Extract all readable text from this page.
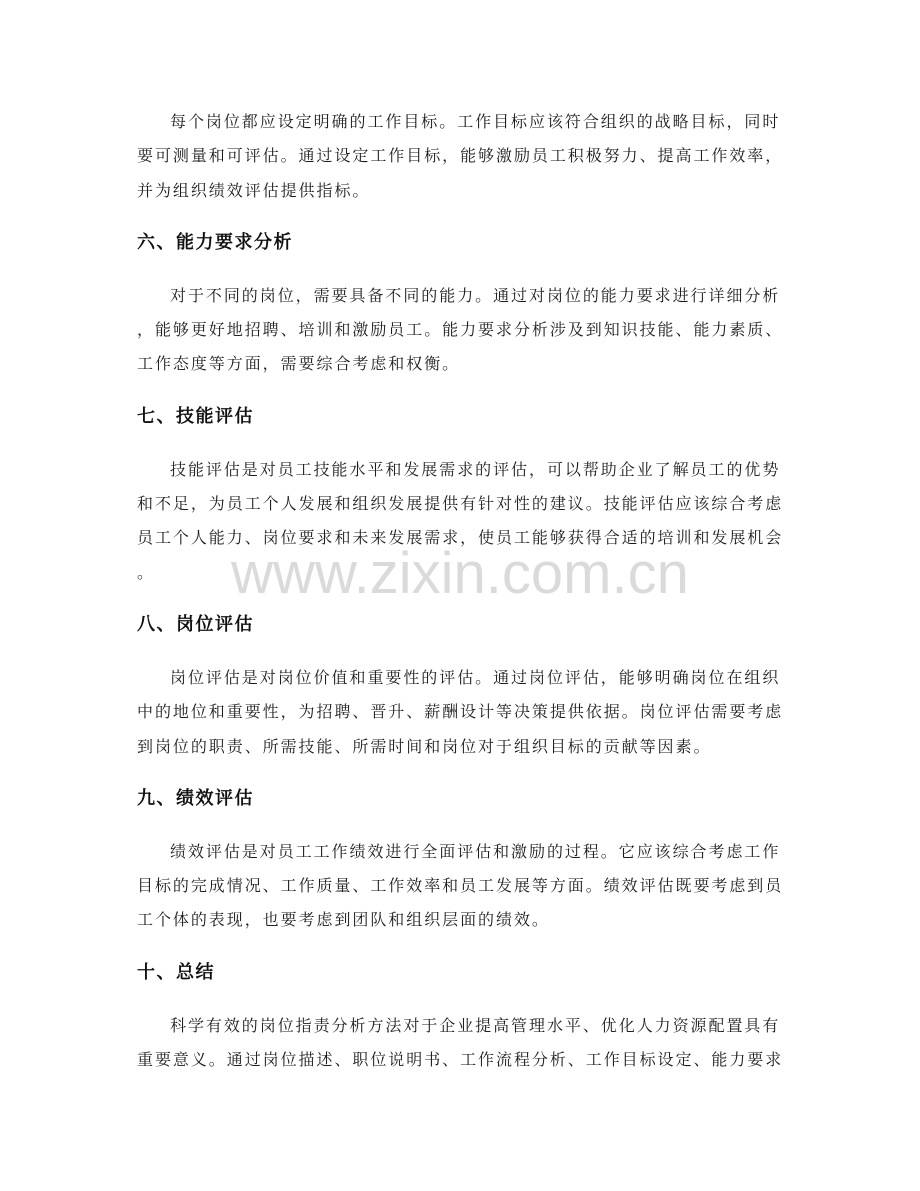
www.zixin.com.cn
每个岗位都应设定明确的工作目标。工作目标应该符合组织的战略目标，同时
要可测量和可评估。通过设定工作目标，能够激励员工积极努力、提高工作效率，
并为组织绩效评估提供指标。
六、能力要求分析
对于不同的岗位，需要具备不同的能力。通过对岗位的能力要求进行详细分析
，能够更好地招聘、培训和激励员工。能力要求分析涉及到知识技能、能力素质、
工作态度等方面，需要综合考虑和权衡。
七、技能评估
技能评估是对员工技能水平和发展需求的评估，可以帮助企业了解员工的优势
和不足，为员工个人发展和组织发展提供有针对性的建议。技能评估应该综合考虑
员工个人能力、岗位要求和未来发展需求，使员工能够获得合适的培训和发展机会
。
八、岗位评估
岗位评估是对岗位价值和重要性的评估。通过岗位评估，能够明确岗位在组织
中的地位和重要性，为招聘、晋升、薪酬设计等决策提供依据。岗位评估需要考虑
到岗位的职责、所需技能、所需时间和岗位对于组织目标的贡献等因素。
九、绩效评估
绩效评估是对员工工作绩效进行全面评估和激励的过程。它应该综合考虑工作
目标的完成情况、工作质量、工作效率和员工发展等方面。绩效评估既要考虑到员
工个体的表现，也要考虑到团队和组织层面的绩效。
十、总结
科学有效的岗位指责分析方法对于企业提高管理水平、优化人力资源配置具有
重要意义。通过岗位描述、职位说明书、工作流程分析、工作目标设定、能力要求
